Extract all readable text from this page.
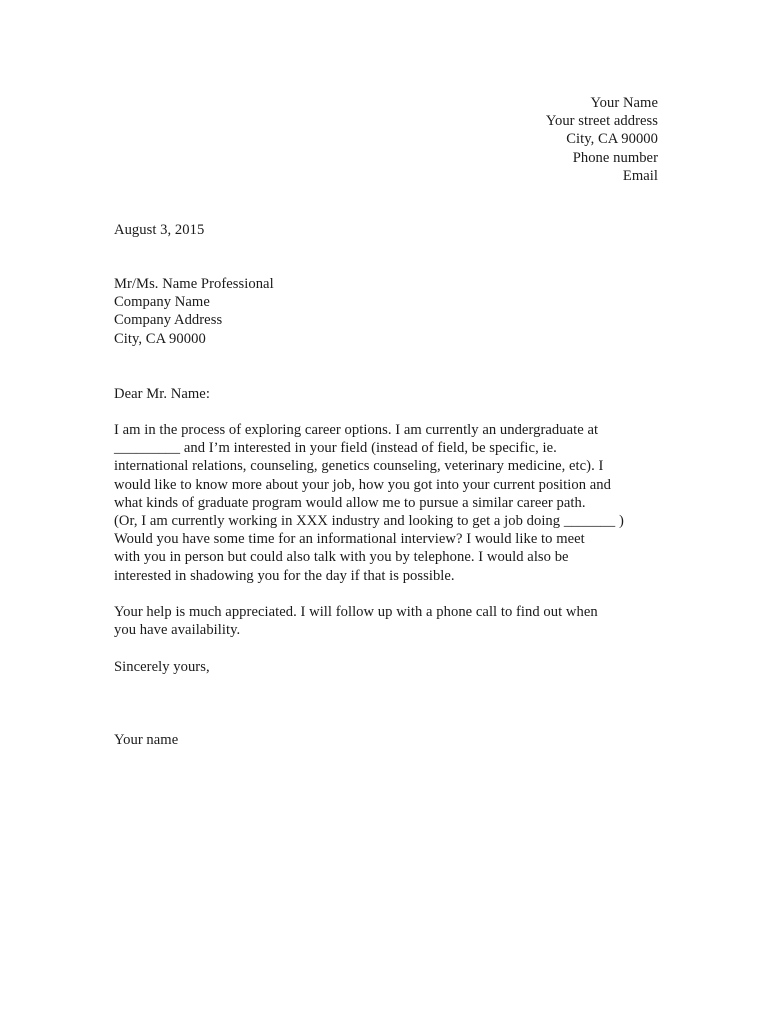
Your Name
Your street address
City, CA 90000
Phone number
Email
August 3, 2015
Mr/Ms. Name Professional
Company Name
Company Address
City, CA 90000
Dear Mr. Name:
I am in the process of exploring career options. I am currently an undergraduate at
_________ and I’m interested in your field (instead of field, be specific, ie.
international relations, counseling, genetics counseling, veterinary medicine, etc). I
would like to know more about your job, how you got into your current position and
what kinds of graduate program would allow me to pursue a similar career path.
(Or, I am currently working in XXX industry and looking to get a job doing _______ )
Would you have some time for an informational interview? I would like to meet
with you in person but could also talk with you by telephone. I would also be
interested in shadowing you for the day if that is possible.
Your help is much appreciated. I will follow up with a phone call to find out when
you have availability.
Sincerely yours,
Your name
